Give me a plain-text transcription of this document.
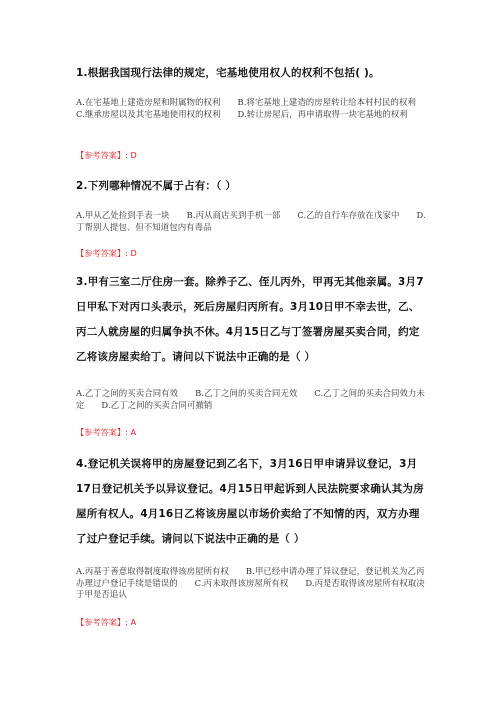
1.根据我国现行法律的规定，宅基地使用权人的权利不包括( )。
A.在宅基地上建造房屋和附属物的权利　　B.将宅基地上建造的房屋转让给本村村民的权利　　C.继承房屋以及其宅基地使用权的权利　　D.转让房屋后，再申请取得一块宅基地的权利
【参考答案】: D
2.下列哪种情况不属于占有：（ ）
A.甲从乙处捡到手表一块　　B.丙从商店买到手机一部　　C.乙的自行车存放在戊家中　　D.丁帮别人提包、但不知道包内有毒品
【参考答案】: D
3.甲有三室二厅住房一套。除养子乙、侄儿丙外，甲再无其他亲属。3月7日甲私下对丙口头表示，死后房屋归丙所有。3月10日甲不幸去世，乙、丙二人就房屋的归属争执不休。4月15日乙与丁签署房屋买卖合同，约定乙将该房屋卖给丁。请问以下说法中正确的是（ ）
A.乙丁之间的买卖合同有效　　B.乙丁之间的买卖合同无效　　C.乙丁之间的买卖合同效力未定　　D.乙丁之间的买卖合同可撤销
【参考答案】: A
4.登记机关误将甲的房屋登记到乙名下，3月16日甲申请异议登记，3月17日登记机关予以异议登记。4月15日甲起诉到人民法院要求确认其为房屋所有权人。4月16日乙将该房屋以市场价卖给了不知情的丙，双方办理了过户登记手续。请问以下说法中正确的是（ ）
A.丙基于善意取得制度取得该房屋所有权　　B.甲已经申请办理了异议登记，登记机关为乙丙办理过户登记手续是错误的　　C.丙未取得该房屋所有权　　D.丙是否取得该房屋所有权取决于甲是否追认
【参考答案】: A
